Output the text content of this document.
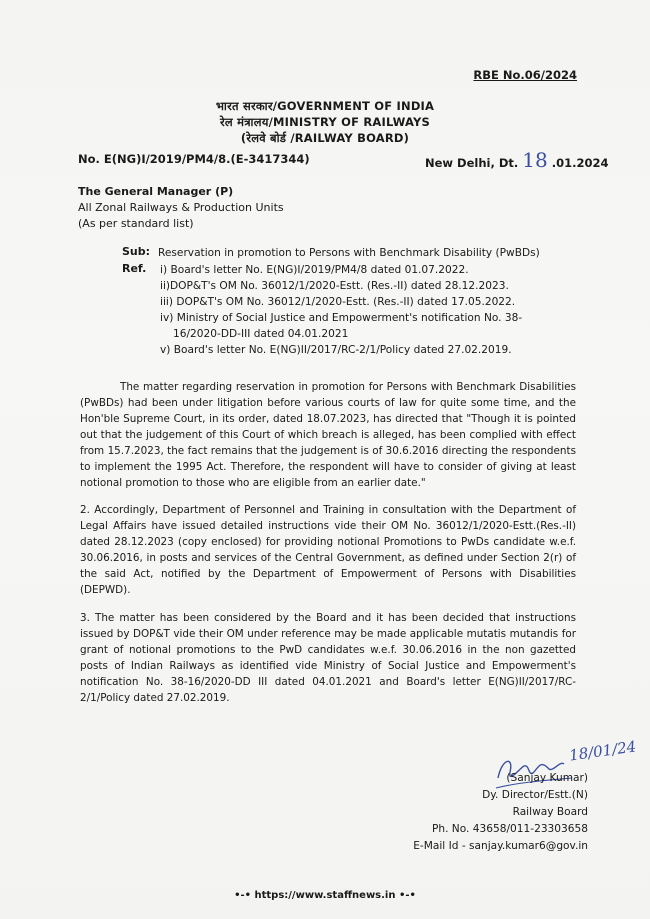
RBE No.06/2024
भारत सरकार/GOVERNMENT OF INDIA
रेल मंत्रालय/MINISTRY OF RAILWAYS
(रेलवे बोर्ड /RAILWAY BOARD)
No. E(NG)I/2019/PM4/8.(E-3417344)	New Delhi, Dt. 18 .01.2024
The General Manager (P)
All Zonal Railways & Production Units
(As per standard list)
Sub: Reservation in promotion to Persons with Benchmark Disability (PwBDs)
Ref. i) Board's letter No. E(NG)I/2019/PM4/8 dated 01.07.2022.
ii)DOP&T's OM No. 36012/1/2020-Estt. (Res.-II) dated 28.12.2023.
iii) DOP&T's OM No. 36012/1/2020-Estt. (Res.-II) dated 17.05.2022.
iv) Ministry of Social Justice and Empowerment's notification No. 38-
16/2020-DD-III dated 04.01.2021
v) Board's letter No. E(NG)II/2017/RC-2/1/Policy dated 27.02.2019.

The matter regarding reservation in promotion for Persons with Benchmark Disabilities (PwBDs) had been under litigation before various courts of law for quite some time, and the Hon'ble Supreme Court, in its order, dated 18.07.2023, has directed that "Though it is pointed out that the judgement of this Court of which breach is alleged, has been complied with effect from 15.7.2023, the fact remains that the judgement is of 30.6.2016 directing the respondents to implement the 1995 Act. Therefore, the respondent will have to consider of giving at least notional promotion to those who are eligible from an earlier date."

2. Accordingly, Department of Personnel and Training in consultation with the Department of Legal Affairs have issued detailed instructions vide their OM No. 36012/1/2020-Estt.(Res.-II) dated 28.12.2023 (copy enclosed) for providing notional Promotions to PwDs candidate w.e.f. 30.06.2016, in posts and services of the Central Government, as defined under Section 2(r) of the said Act, notified by the Department of Empowerment of Persons with Disabilities (DEPWD).

3. The matter has been considered by the Board and it has been decided that instructions issued by DOP&T vide their OM under reference may be made applicable mutatis mutandis for grant of notional promotions to the PwD candidates w.e.f. 30.06.2016 in the non gazetted posts of Indian Railways as identified vide Ministry of Social Justice and Empowerment's notification No. 38-16/2020-DD III dated 04.01.2021 and Board's letter E(NG)II/2017/RC-2/1/Policy dated 27.02.2019.

18/01/24
(Sanjay Kumar)
Dy. Director/Estt.(N)
Railway Board
Ph. No. 43658/011-23303658
E-Mail Id - sanjay.kumar6@gov.in
•-• https://www.staffnews.in •-•
